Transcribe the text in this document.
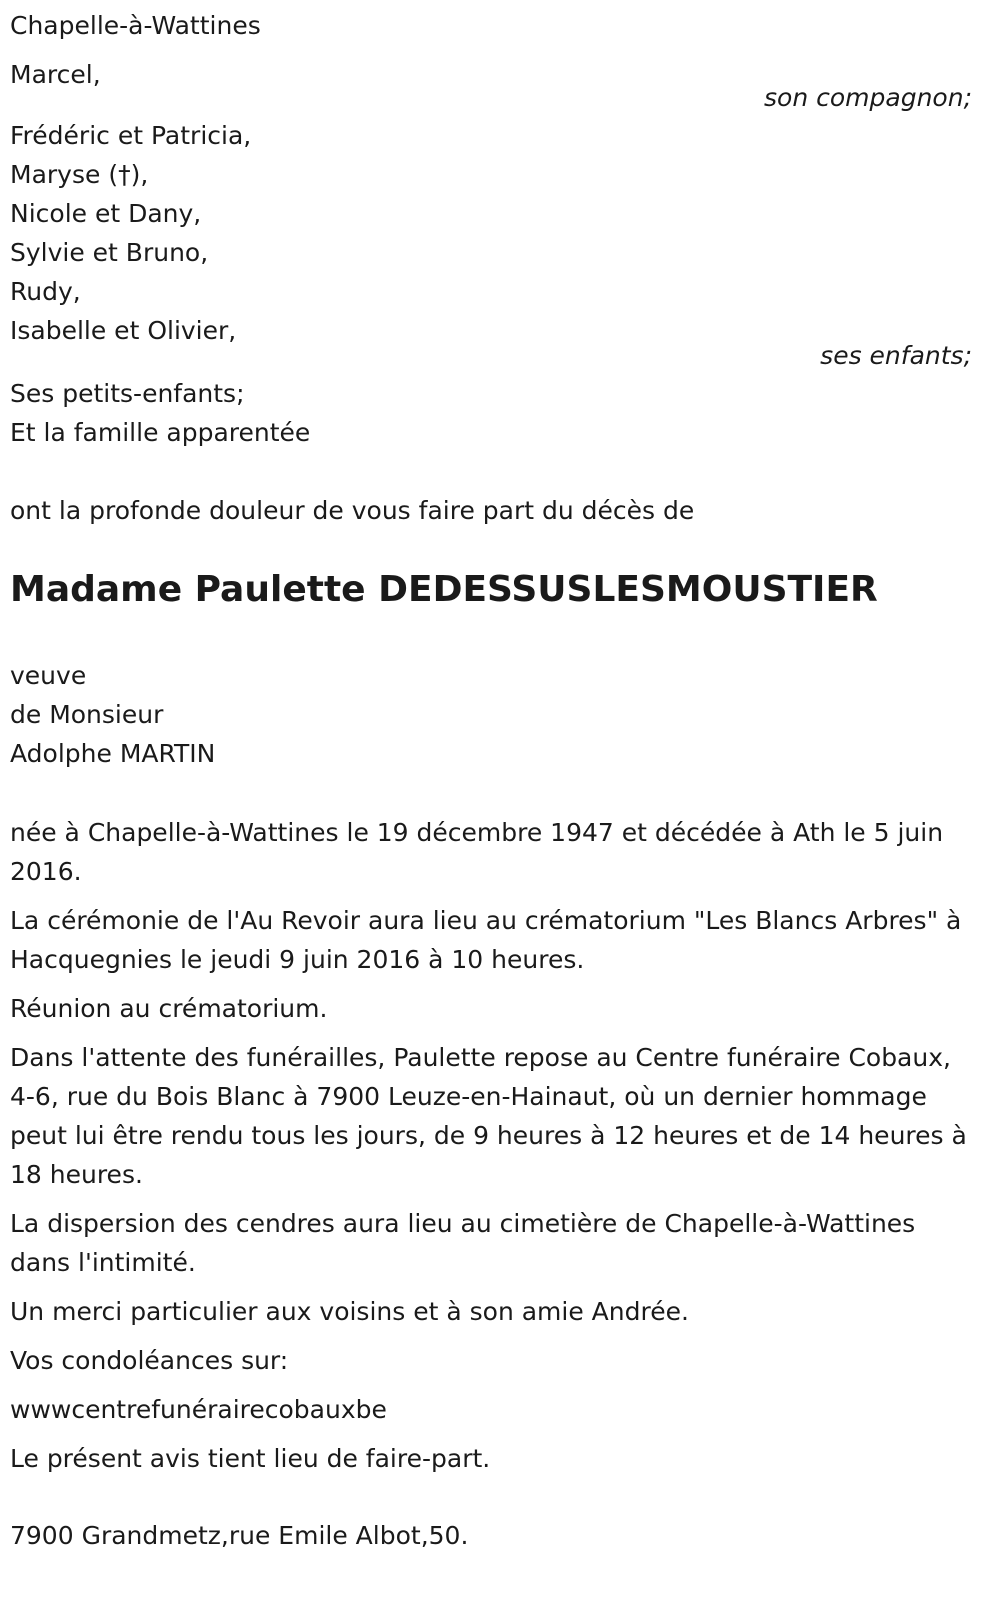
Chapelle-à-Wattines
Marcel,
son compagnon;
Frédéric et Patricia,
Maryse (†),
Nicole et Dany,
Sylvie et Bruno,
Rudy,
Isabelle et Olivier,
ses enfants;
Ses petits-enfants;
Et la famille apparentée
ont la profonde douleur de vous faire part du décès de
Madame Paulette DEDESSUSLESMOUSTIER
veuve
de Monsieur
Adolphe MARTIN
née à Chapelle-à-Wattines le 19 décembre 1947 et décédée à Ath le 5 juin 2016.
La cérémonie de l'Au Revoir aura lieu au crématorium "Les Blancs Arbres" à Hacquegnies le jeudi 9 juin 2016 à 10 heures.
Réunion au crématorium.
Dans l'attente des funérailles, Paulette repose au Centre funéraire Cobaux, 4-6, rue du Bois Blanc à 7900 Leuze-en-Hainaut, où un dernier hommage peut lui être rendu tous les jours, de 9 heures à 12 heures et de 14 heures à 18 heures.
La dispersion des cendres aura lieu au cimetière de Chapelle-à-Wattines dans l'intimité.
Un merci particulier aux voisins et à son amie Andrée.
Vos condoléances sur:
wwwcentrefunérairecobauxbe
Le présent avis tient lieu de faire-part.
7900 Grandmetz,rue Emile Albot,50.
